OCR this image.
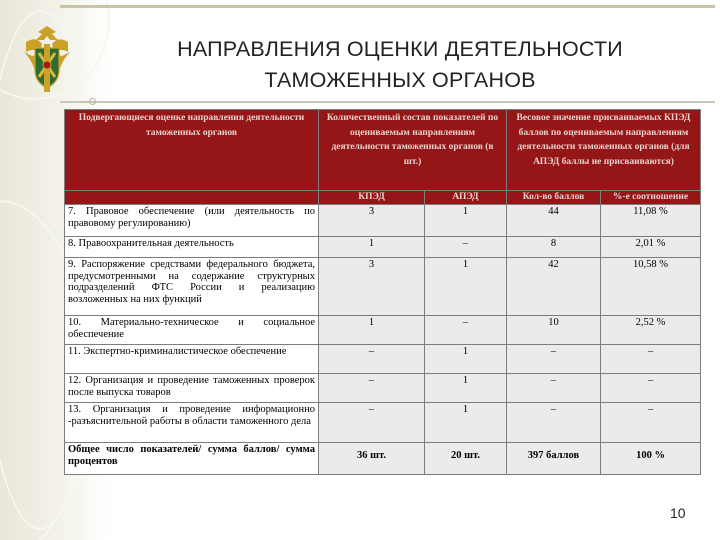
НАПРАВЛЕНИЯ ОЦЕНКИ ДЕЯТЕЛЬНОСТИ
ТАМОЖЕННЫХ ОРГАНОВ
Подвергающиеся оценке направления деятельности таможенных органов	Количественный состав показателей по оцениваемым направлениям деятельности таможенных органов (в шт.)		Весовое значение присваиваемых КПЭД баллов по оцениваемым направлениям деятельности таможенных органов (для АПЭД баллы не присваиваются)	
	КПЭД	АПЭД	Кол-во баллов	%-е соотношение
7. Правовое обеспечение (или деятельность по правовому регулированию)	3	1	44	11,08 %
8. Правоохранительная деятельность	1	–	8	2,01 %
9. Распоряжение средствами федерального бюджета, предусмотренными на содержание структурных подразделений ФТС России и реализацию возложенных на них функций	3	1	42	10,58 %
10. Материально-техническое и социальное обеспечение	1	–	10	2,52 %
11. Экспертно-криминалистическое обеспечение	–	1	–	–
12. Организация и проведение таможенных проверок после выпуска товаров	–	1	–	–
13. Организация и проведение информационно -разъяснительной работы в области таможенного дела	–	1	–	–
Общее число показателей/ сумма баллов/ сумма процентов	36 шт.	20 шт.	397 баллов	100 %
10
